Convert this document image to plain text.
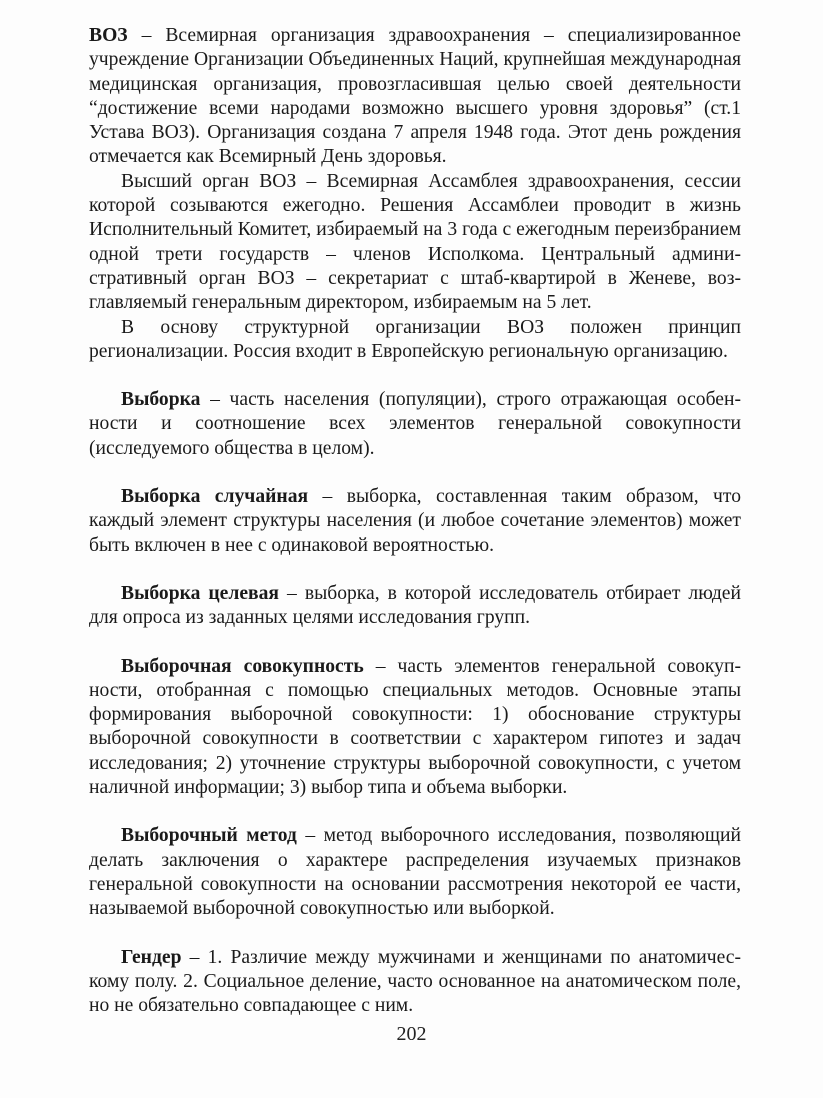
ВОЗ – Всемирная организация здравоохранения – специализированное учреждение Организации Объединенных Наций, крупнейшая международная медицинская организация, провозгласившая целью своей деятельности “достижение всеми народами возможно высшего уровня здоровья” (ст.1 Устава ВОЗ). Организация создана 7 апреля 1948 года. Этот день рождения отмечается как Всемирный День здоровья.

Высший орган ВОЗ – Всемирная Ассамблея здравоохранения, сессии которой созываются ежегодно. Решения Ассамблеи проводит в жизнь Исполнительный Комитет, избираемый на 3 года с ежегодным переизбранием одной трети государств – членов Исполкома. Центральный административный орган ВОЗ – секретариат с штаб-квартирой в Женеве, возглавляемый генеральным директором, избираемым на 5 лет.

В основу структурной организации ВОЗ положен принцип регионализации. Россия входит в Европейскую региональную организацию.

Выборка – часть населения (популяции), строго отражающая особенности и соотношение всех элементов генеральной совокупности (исследуемого общества в целом).

Выборка случайная – выборка, составленная таким образом, что каждый элемент структуры населения (и любое сочетание элементов) может быть включен в нее с одинаковой вероятностью.

Выборка целевая – выборка, в которой исследователь отбирает людей для опроса из заданных целями исследования групп.

Выборочная совокупность – часть элементов генеральной совокупности, отобранная с помощью специальных методов. Основные этапы формирования выборочной совокупности: 1) обоснование структуры выборочной совокупности в соответствии с характером гипотез и задач исследования; 2) уточнение структуры выборочной совокупности, с учетом наличной информации; 3) выбор типа и объема выборки.

Выборочный метод – метод выборочного исследования, позволяющий делать заключения о характере распределения изучаемых признаков генеральной совокупности на основании рассмотрения некоторой ее части, называемой выборочной совокупностью или выборкой.

Гендер – 1. Различие между мужчинами и женщинами по анатомическому полу. 2. Социальное деление, часто основанное на анатомическом поле, но не обязательно совпадающее с ним.

202
